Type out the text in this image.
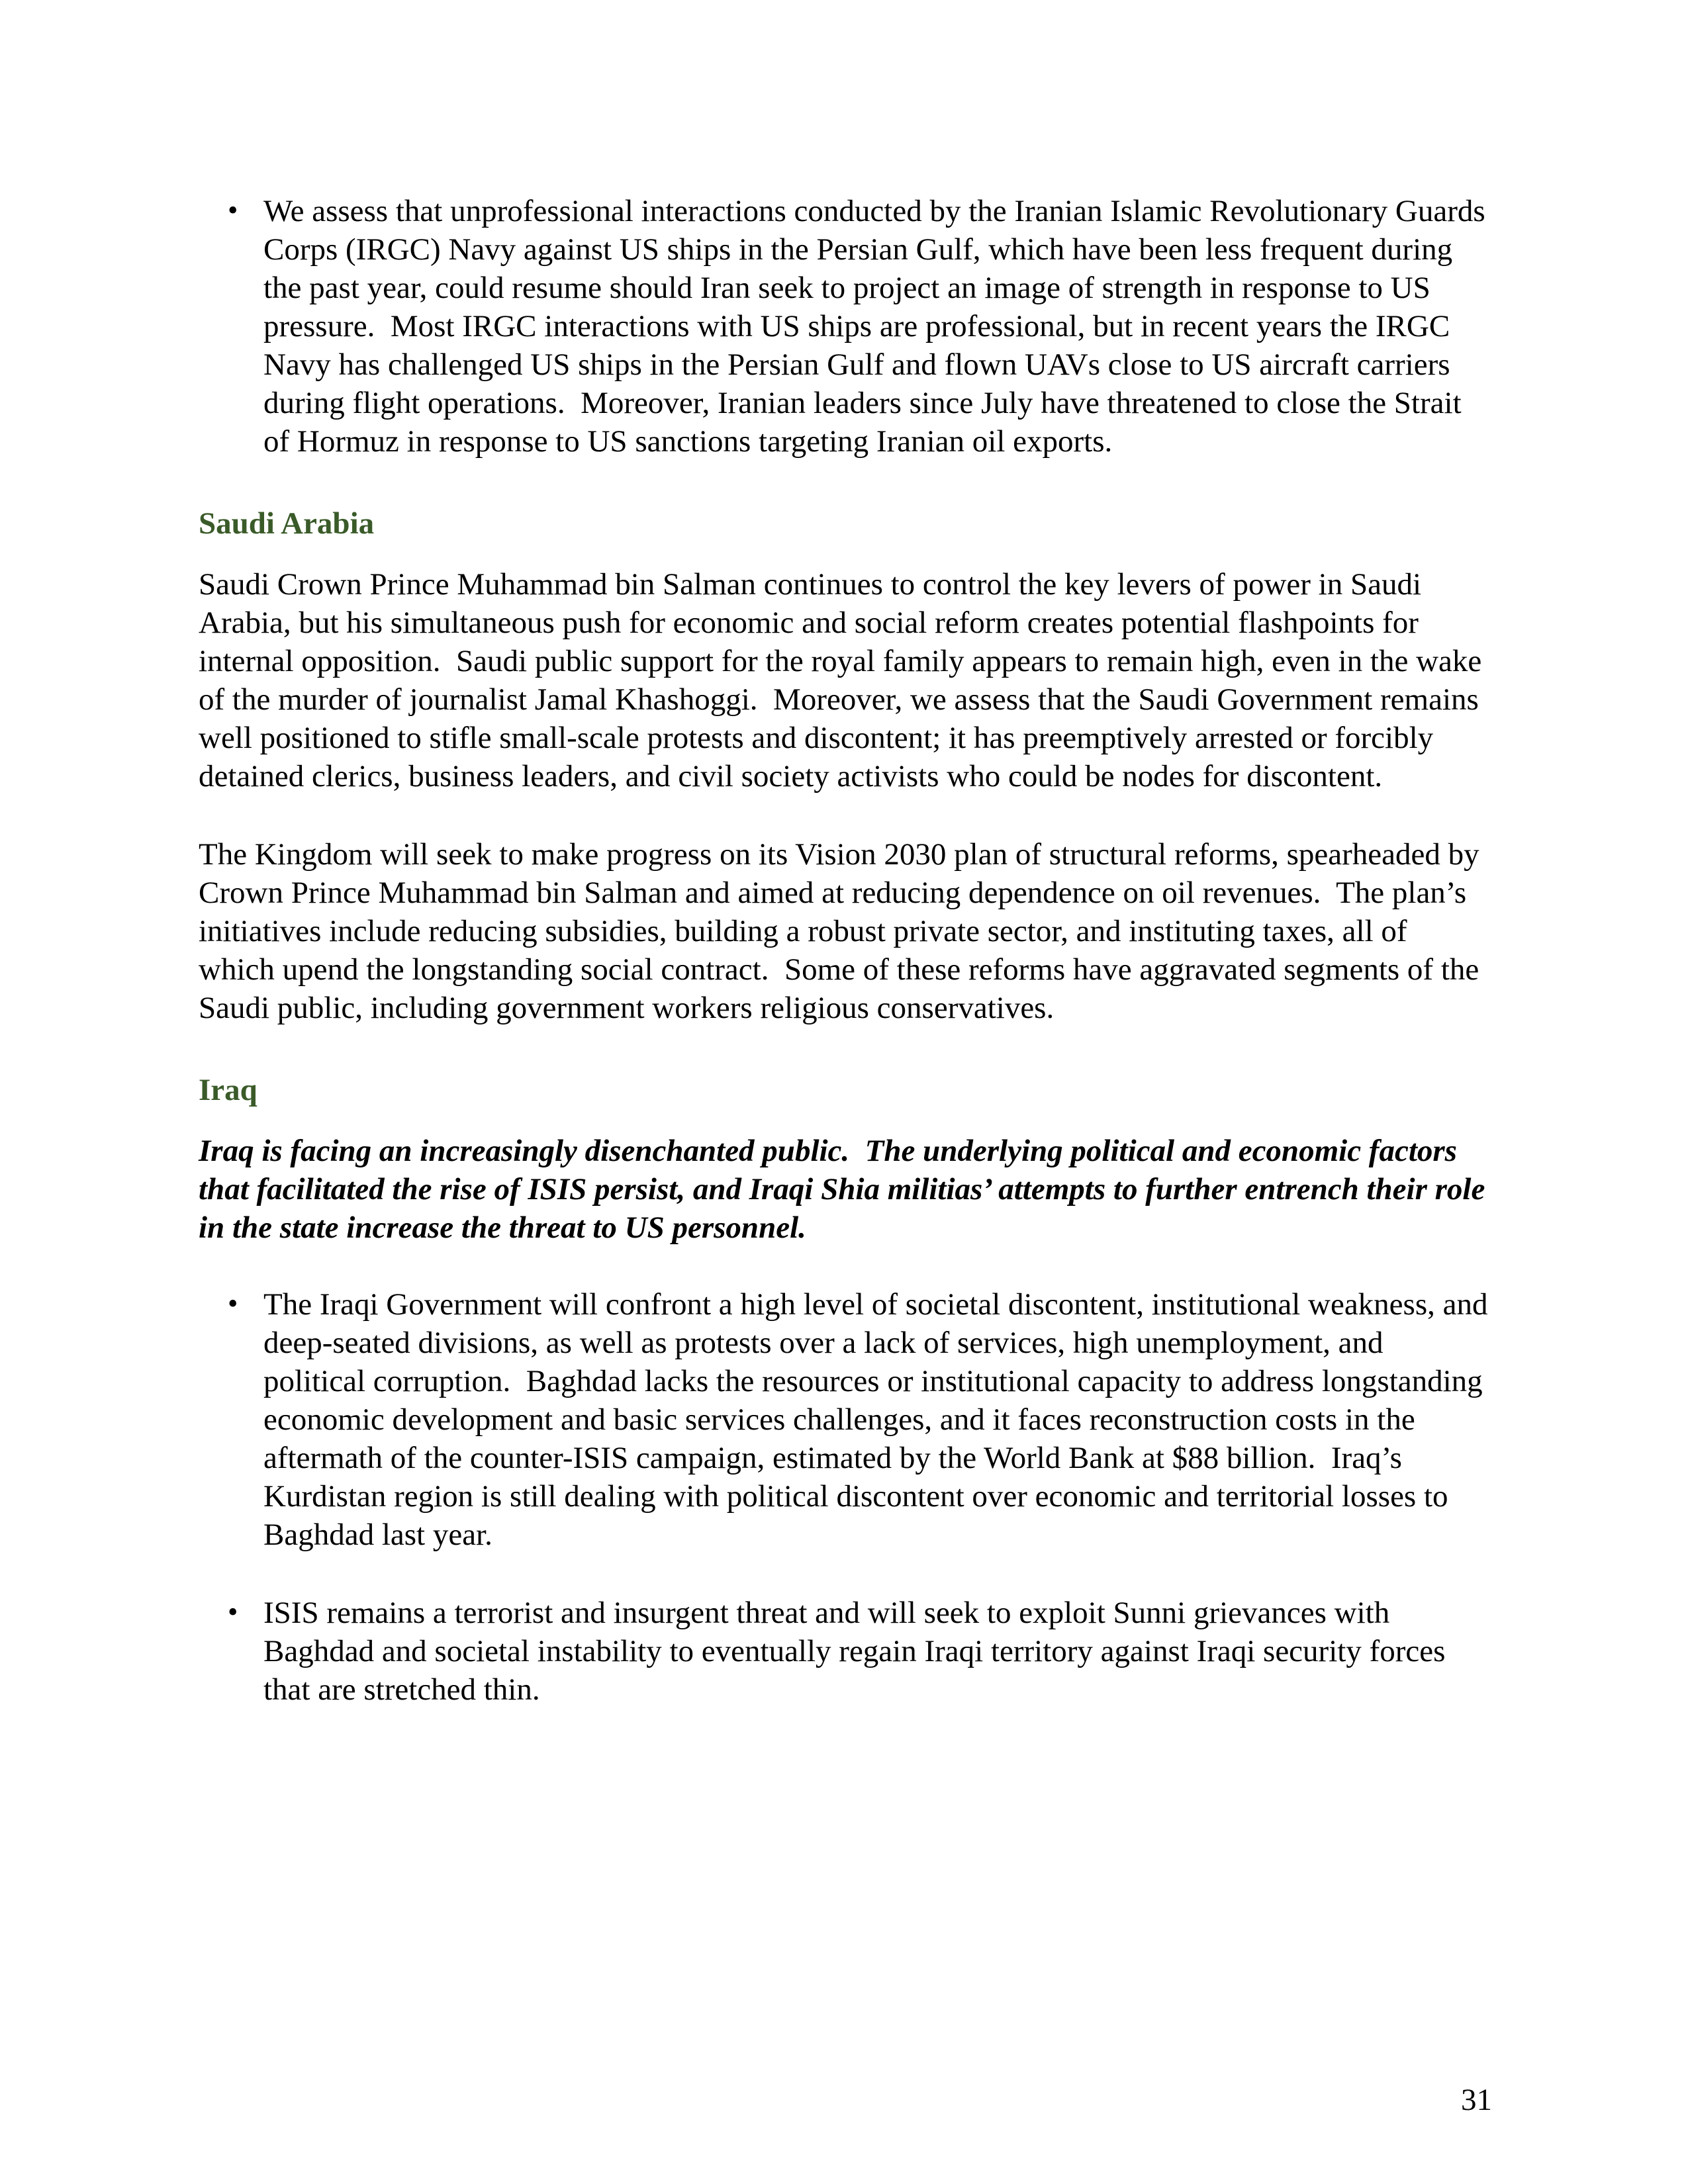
• We assess that unprofessional interactions conducted by the Iranian Islamic Revolutionary Guards Corps (IRGC) Navy against US ships in the Persian Gulf, which have been less frequent during the past year, could resume should Iran seek to project an image of strength in response to US pressure.  Most IRGC interactions with US ships are professional, but in recent years the IRGC Navy has challenged US ships in the Persian Gulf and flown UAVs close to US aircraft carriers during flight operations.  Moreover, Iranian leaders since July have threatened to close the Strait of Hormuz in response to US sanctions targeting Iranian oil exports.

Saudi Arabia

Saudi Crown Prince Muhammad bin Salman continues to control the key levers of power in Saudi Arabia, but his simultaneous push for economic and social reform creates potential flashpoints for internal opposition.  Saudi public support for the royal family appears to remain high, even in the wake of the murder of journalist Jamal Khashoggi.  Moreover, we assess that the Saudi Government remains well positioned to stifle small-scale protests and discontent; it has preemptively arrested or forcibly detained clerics, business leaders, and civil society activists who could be nodes for discontent.

The Kingdom will seek to make progress on its Vision 2030 plan of structural reforms, spearheaded by Crown Prince Muhammad bin Salman and aimed at reducing dependence on oil revenues.  The plan’s initiatives include reducing subsidies, building a robust private sector, and instituting taxes, all of which upend the longstanding social contract.  Some of these reforms have aggravated segments of the Saudi public, including government workers religious conservatives.

Iraq

Iraq is facing an increasingly disenchanted public.  The underlying political and economic factors that facilitated the rise of ISIS persist, and Iraqi Shia militias’ attempts to further entrench their role in the state increase the threat to US personnel.

• The Iraqi Government will confront a high level of societal discontent, institutional weakness, and deep-seated divisions, as well as protests over a lack of services, high unemployment, and political corruption.  Baghdad lacks the resources or institutional capacity to address longstanding economic development and basic services challenges, and it faces reconstruction costs in the aftermath of the counter-ISIS campaign, estimated by the World Bank at $88 billion.  Iraq’s Kurdistan region is still dealing with political discontent over economic and territorial losses to Baghdad last year.

• ISIS remains a terrorist and insurgent threat and will seek to exploit Sunni grievances with Baghdad and societal instability to eventually regain Iraqi territory against Iraqi security forces that are stretched thin.

31
